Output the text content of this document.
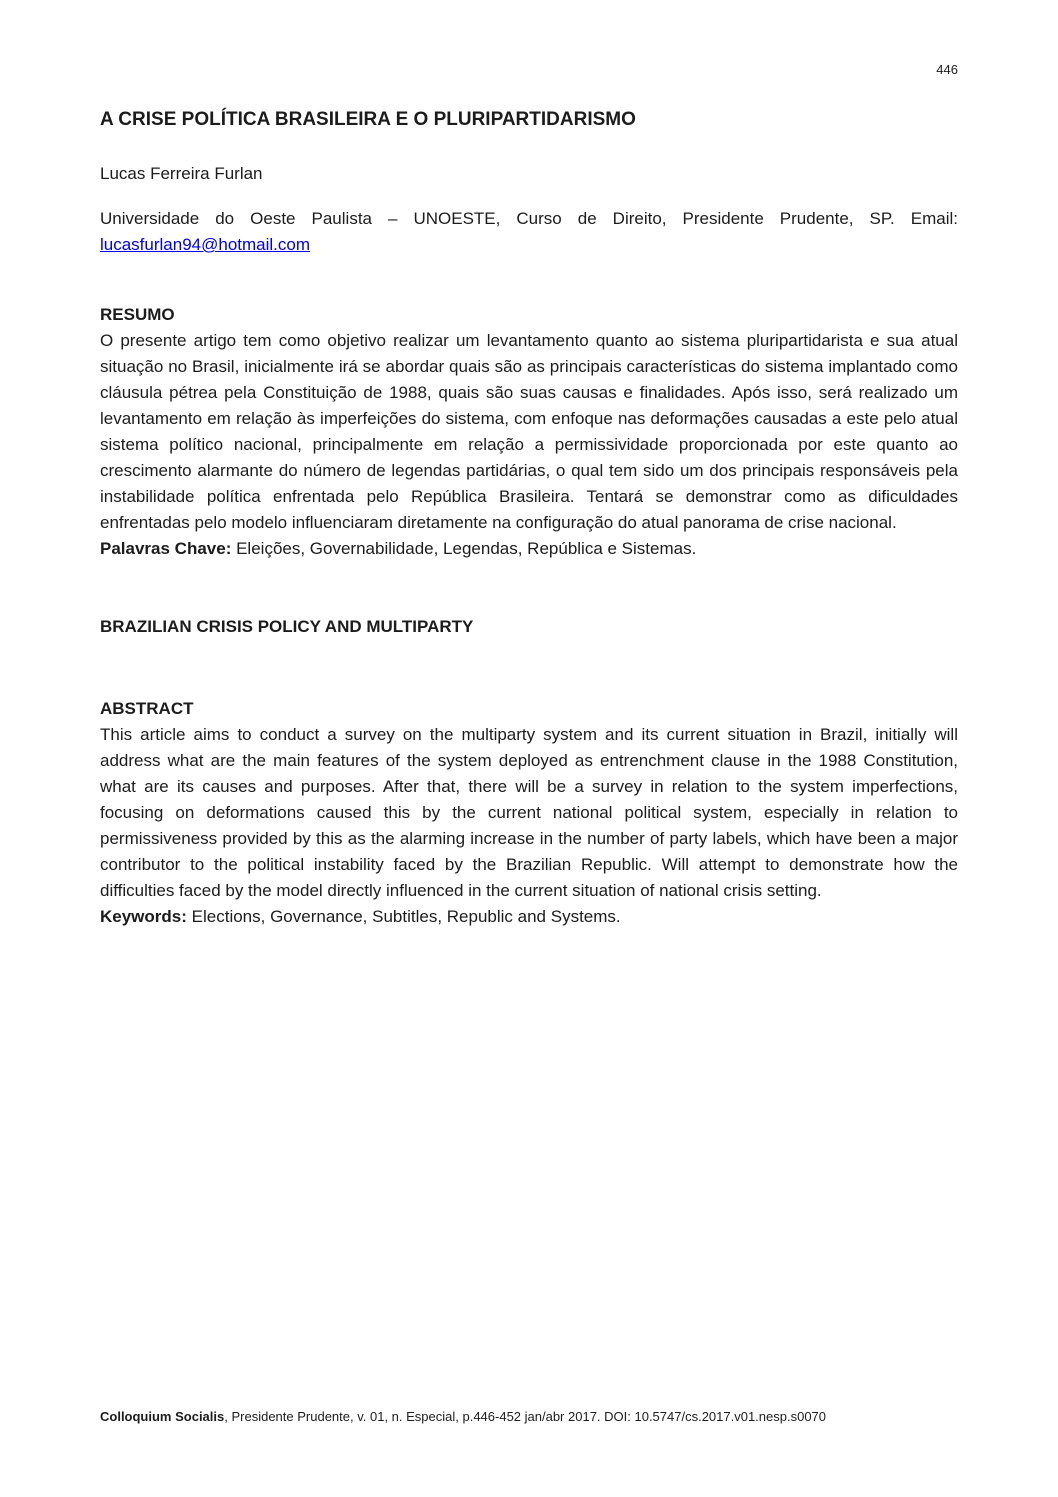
446
A CRISE POLÍTICA BRASILEIRA E O PLURIPARTIDARISMO
Lucas Ferreira Furlan
Universidade do Oeste Paulista – UNOESTE, Curso de Direito, Presidente Prudente, SP. Email: lucasfurlan94@hotmail.com
RESUMO

O presente artigo tem como objetivo realizar um levantamento quanto ao sistema pluripartidarista e sua atual situação no Brasil, inicialmente irá se abordar quais são as principais características do sistema implantado como cláusula pétrea pela Constituição de 1988, quais são suas causas e finalidades. Após isso, será realizado um levantamento em relação às imperfeições do sistema, com enfoque nas deformações causadas a este pelo atual sistema político nacional, principalmente em relação a permissividade proporcionada por este quanto ao crescimento alarmante do número de legendas partidárias, o qual tem sido um dos principais responsáveis pela instabilidade política enfrentada pelo República Brasileira. Tentará se demonstrar como as dificuldades enfrentadas pelo modelo influenciaram diretamente na configuração do atual panorama de crise nacional.

Palavras Chave: Eleições, Governabilidade, Legendas, República e Sistemas.
BRAZILIAN CRISIS POLICY AND MULTIPARTY
ABSTRACT

This article aims to conduct a survey on the multiparty system and its current situation in Brazil, initially will address what are the main features of the system deployed as entrenchment clause in the 1988 Constitution, what are its causes and purposes. After that, there will be a survey in relation to the system imperfections, focusing on deformations caused this by the current national political system, especially in relation to permissiveness provided by this as the alarming increase in the number of party labels, which have been a major contributor to the political instability faced by the Brazilian Republic. Will attempt to demonstrate how the difficulties faced by the model directly influenced in the current situation of national crisis setting.

Keywords: Elections, Governance, Subtitles, Republic and Systems.
Colloquium Socialis, Presidente Prudente, v. 01, n. Especial, p.446-452 jan/abr 2017. DOI: 10.5747/cs.2017.v01.nesp.s0070
